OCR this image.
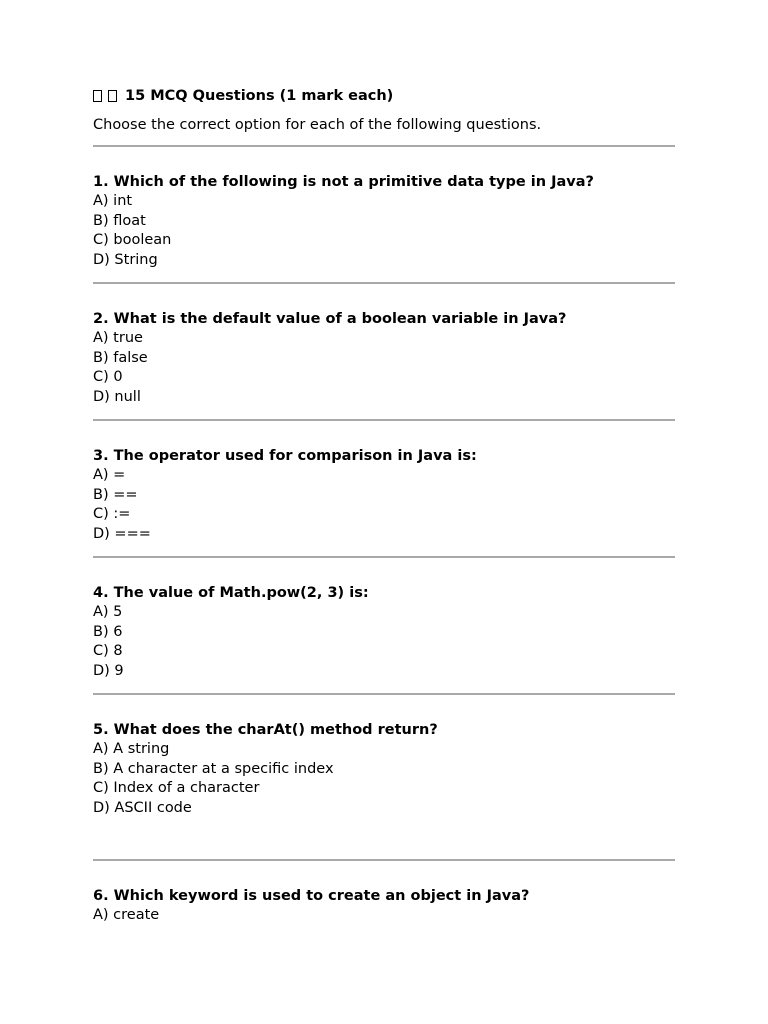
15 MCQ Questions (1 mark each)
Choose the correct option for each of the following questions.
1. Which of the following is not a primitive data type in Java?
A) int
B) float
C) boolean
D) String
2. What is the default value of a boolean variable in Java?
A) true
B) false
C) 0
D) null
3. The operator used for comparison in Java is:
A) =
B) ==
C) :=
D) ===
4. The value of Math.pow(2, 3) is:
A) 5
B) 6
C) 8
D) 9
5. What does the charAt() method return?
A) A string
B) A character at a specific index
C) Index of a character
D) ASCII code
6. Which keyword is used to create an object in Java?
A) create
